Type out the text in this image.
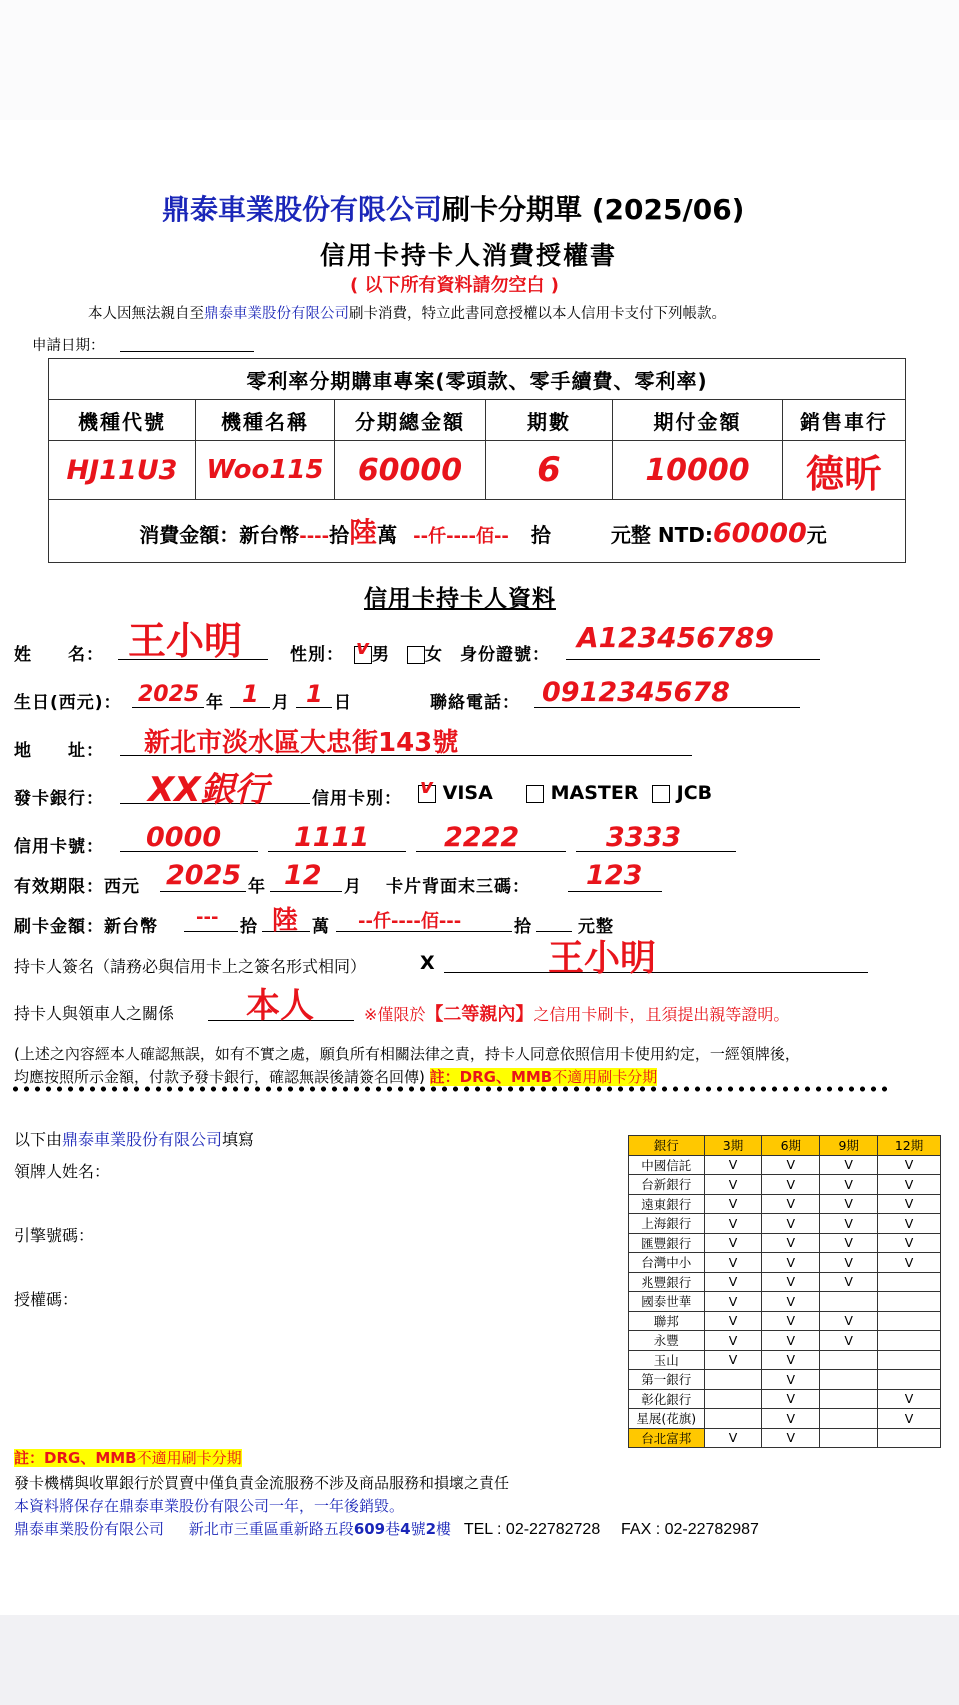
鼎泰車業股份有限公司刷卡分期單 (2025/06)
信用卡持卡人消費授權書
( 以下所有資料請勿空白 )
本人因無法親自至鼎泰車業股份有限公司刷卡消費，特立此書同意授權以本人信用卡支付下列帳款。
申請日期：
零利率分期購車專案(零頭款、零手續費、零利率)					
機種代號	機種名稱	分期總金額	期數	期付金額	銷售車行
HJ11U3	Woo115	60000	6	10000	德昕
消費金額：新台幣----拾陸萬 --仟----佰-- 拾 元整 NTD:60000元					
信用卡持卡人資料
姓　　名： 王小明	性別： v 男	女 身份證號：
A123456789
生日(西元)： 2025 年 1 月 1 日	聯絡電話： 0912345678
地　　址： 新北市淡水區大忠街143號
發卡銀行： XX銀行	信用卡別：
v VISA	MASTER	JCB
信用卡號： 0000	1111	2222	3333
有效期限：西元 2025 年 12 月 卡片背面末三碼： 123
刷卡金額：新台幣 --- 拾 陸 萬 --仟----佰---	拾	元整
持卡人簽名（請務必與信用卡上之簽名形式相同）	X	王小明
持卡人與領車人之關係 本人	※僅限於【二等親內】之信用卡刷卡，且須提出親等證明。
(上述之內容經本人確認無誤，如有不實之處，願負所有相關法律之責，持卡人同意依照信用卡使用約定，一經領牌後，
均應按照所示金額，付款予發卡銀行，確認無誤後請簽名回傳) 註：DRG、MMB不適用刷卡分期
以下由鼎泰車業股份有限公司填寫
領牌人姓名：
引擎號碼：
授權碼：
銀行	3期	6期	9期	12期
中國信託	V	V	V	V
台新銀行	V	V	V	V
遠東銀行	V	V	V	V
上海銀行	V	V	V	V
匯豐銀行	V	V	V	V
台灣中小	V	V	V	V
兆豐銀行	V	V	V	
國泰世華	V	V		
聯邦	V	V	V	
永豐	V	V	V	
玉山	V	V		
第一銀行		V		
彰化銀行		V		V
星展(花旗)		V		V
台北富邦	V	V		
註：DRG、MMB不適用刷卡分期
發卡機構與收單銀行於買賣中僅負責金流服務不涉及商品服務和損壞之責任
本資料將保存在鼎泰車業股份有限公司一年，一年後銷毀。
鼎泰車業股份有限公司 新北市三重區重新路五段609巷4號2樓 TEL : 02-22782728 FAX : 02-22782987
